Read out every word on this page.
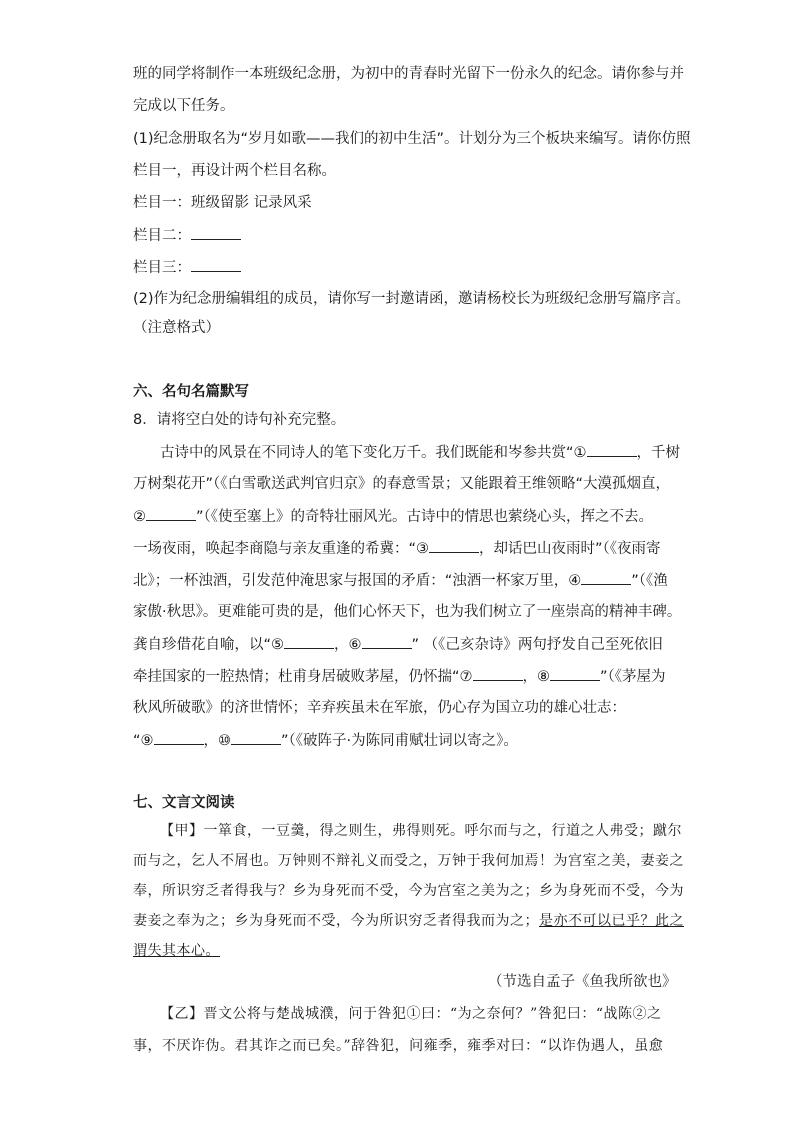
班的同学将制作一本班级纪念册，为初中的青春时光留下一份永久的纪念。请你参与并
完成以下任务。
(1)纪念册取名为“岁月如歌——我们的初中生活”。计划分为三个板块来编写。请你仿照
栏目一，再设计两个栏目名称。
栏目一：班级留影 记录风采
栏目二：
栏目三：
(2)作为纪念册编辑组的成员，请你写一封邀请函，邀请杨校长为班级纪念册写篇序言。
（注意格式）
六、名句名篇默写
8．请将空白处的诗句补充完整。
古诗中的风景在不同诗人的笔下变化万千。我们既能和岑参共赏“①	，千树
万树梨花开”（《白雪歌送武判官归京》的春意雪景；又能跟着王维领略“大漠孤烟直，
②	”（《使至塞上》的奇特壮丽风光。古诗中的情思也萦绕心头，挥之不去。
一场夜雨，唤起李商隐与亲友重逢的希冀：“③	，却话巴山夜雨时”（《夜雨寄
北》；一杯浊酒，引发范仲淹思家与报国的矛盾：“浊酒一杯家万里，④	”（《渔
家傲·秋思》。更难能可贵的是，他们心怀天下，也为我们树立了一座崇高的精神丰碑。
龚自珍借花自喻，以“⑤	，⑥	” （《己亥杂诗》两句抒发自己至死依旧
牵挂国家的一腔热情；杜甫身居破败茅屋，仍怀揣“⑦	，⑧	”（《茅屋为
秋风所破歌》的济世情怀；辛弃疾虽未在军旅，仍心存为国立功的雄心壮志：
“⑨	，⑩	”（《破阵子·为陈同甫赋壮词以寄之》。
七、文言文阅读
【甲】一箪食，一豆羹，得之则生，弗得则死。呼尔而与之，行道之人弗受；蹴尔
而与之，乞人不屑也。万钟则不辩礼义而受之，万钟于我何加焉！为宫室之美，妻妾之
奉，所识穷乏者得我与？乡为身死而不受，今为宫室之美为之；乡为身死而不受，今为
妻妾之奉为之；乡为身死而不受，今为所识穷乏者得我而为之；是亦不可以已乎？此之
谓失其本心。
（节选自孟子《鱼我所欲也》
【乙】晋文公将与楚战城濮，问于咎犯①曰：“为之奈何？”咎犯曰：“战陈②之
事，不厌诈伪。君其诈之而已矣。”辞咎犯，问雍季，雍季对曰：“以诈伪遇人，虽愈
